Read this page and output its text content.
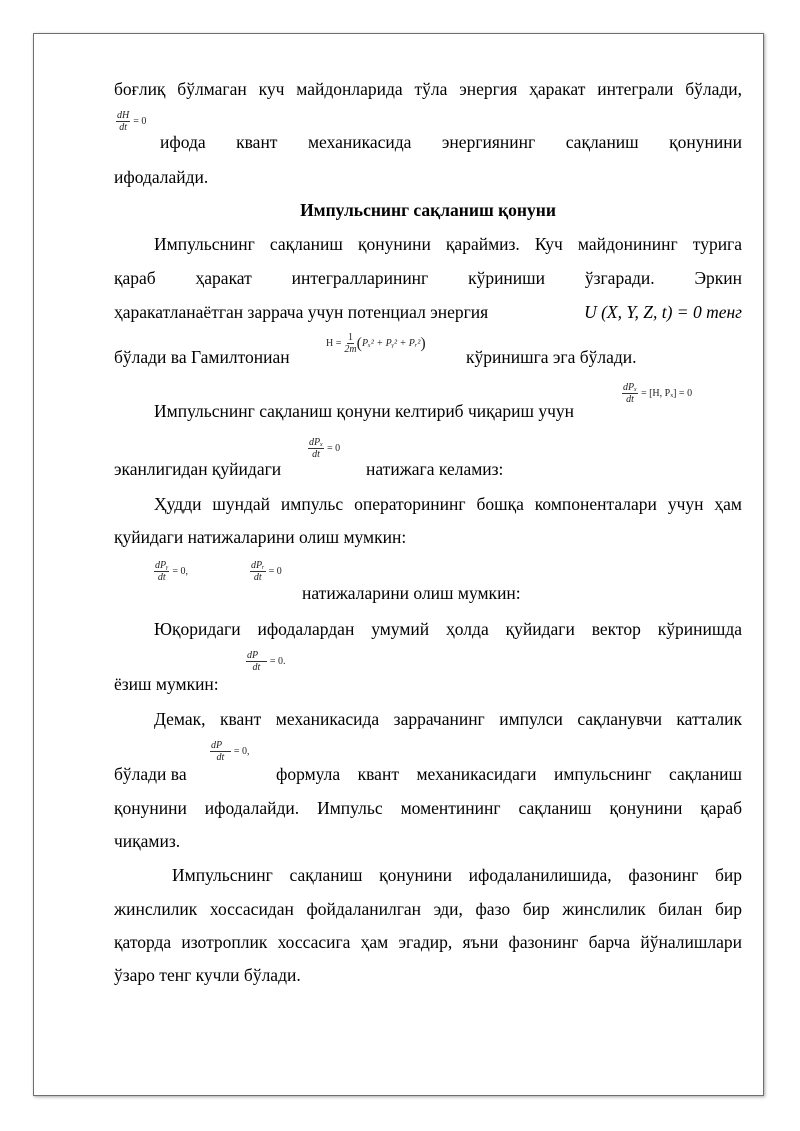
боғлиқ бўлмаган куч майдонларида тўла энергия ҳаракат интеграли бўлади,
$\frac{dH}{dt} = 0$
ифода квант механикасида энергиянинг сақланиш қонунини
ифодалайди.
Импульснинг сақланиш қонуни
Импульснинг сақланиш қонунини қараймиз. Куч майдонининг турига
қараб ҳаракат интегралларининг кўриниши ўзгаради. Эркин
ҳаракатланаётган заррача учун потенциал энергия	U (X, Y, Z, t) = 0 тенг
бўлади ва Гамилтониан
$H = \frac{1}{2m}$ ( Pₓ² + Pᵧ² + Pᵣ² )
кўринишга эга бўлади.
Импульснинг сақланиш қонуни келтириб чиқариш учун
$\frac{\text{dPₓ}}{dt} = [H$, Pₓ] = 0
эканлигидан қуйидаги
$\frac{\text{dPₓ}}{dt} = 0$
натижага келамиз:
Ҳудди шундай импульс операторининг бошқа компоненталари учун ҳам
қуйидаги натижаларини олиш мумкин:
$\frac{\text{dPᵧ}}{dt} = 0$,	$\frac{\text{dPᵣ}}{dt} = 0$
натижаларини олиш мумкин:
Юқоридаги ифодалардан умумий ҳолда қуйидаги вектор кўринишда
ёзиш мумкин:
$\frac{dP⃗}{dt} = 0$.
Демак, квант механикасида заррачанинг импулси сақланувчи катталик
бўлади ва
$\frac{dP⃗}{dt} = 0$,
формула квант механикасидаги импульснинг сақланиш
қонунини ифодалайди. Импульс моментининг сақланиш қонунини қараб
чиқамиз.
Импульснинг сақланиш қонунини ифодаланилишида, фазонинг бир
жинслилик хоссасидан фойдаланилган эди, фазо бир жинслилик билан бир
қаторда изотроплик хоссасига ҳам эгадир, яъни фазонинг барча йўналишлари
ўзаро тенг кучли бўлади.
